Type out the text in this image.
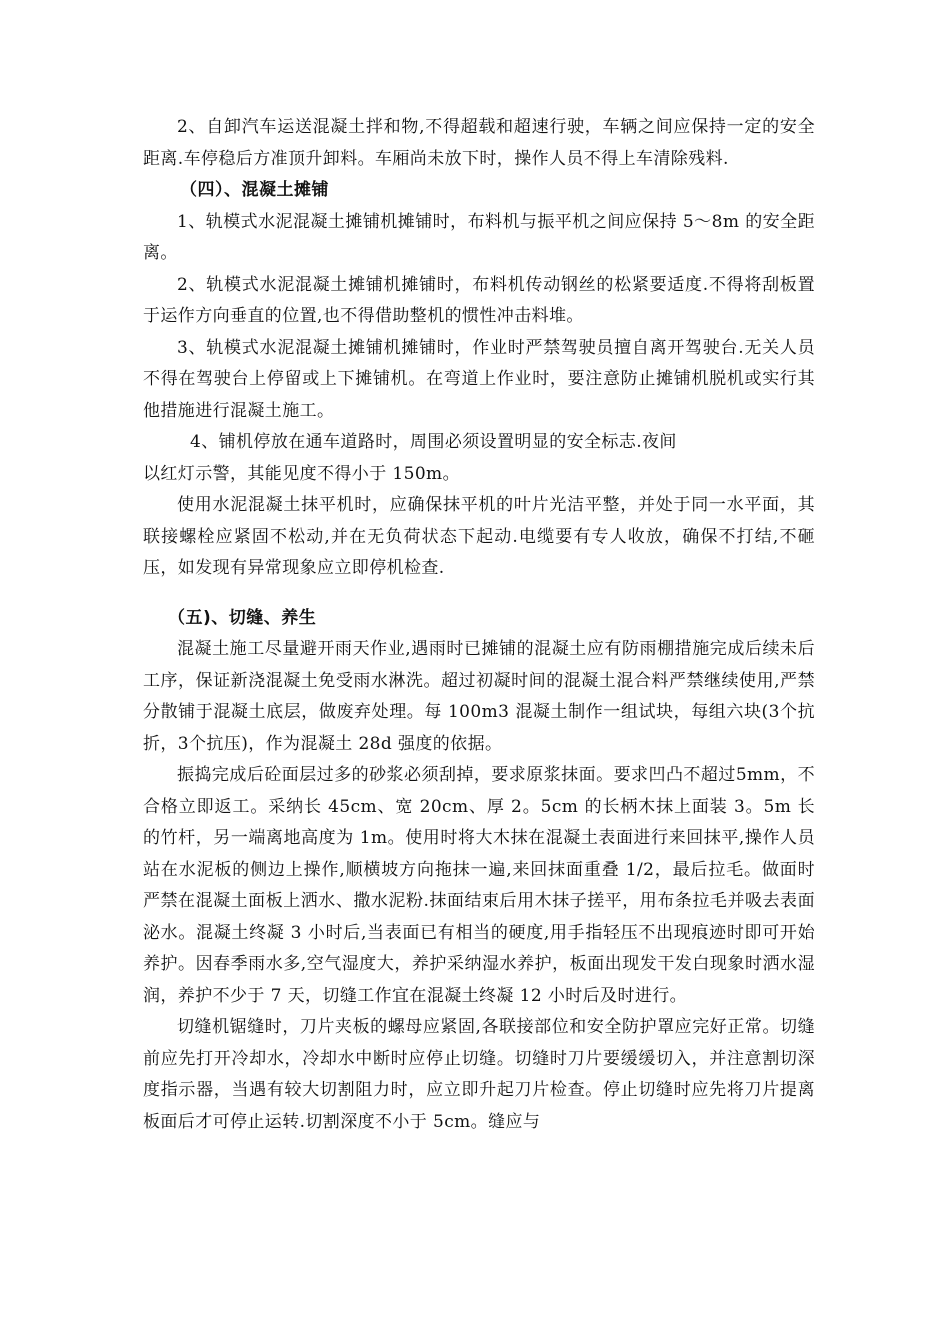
2、自卸汽车运送混凝土拌和物,不得超载和超速行驶，车辆之间应保持一定的安全距离.车停稳后方准顶升卸料。车厢尚未放下时，操作人员不得上车清除残料.

（四）、混凝土摊铺

1、轨模式水泥混凝土摊铺机摊铺时，布料机与振平机之间应保持 5～8m 的安全距离。

2、轨模式水泥混凝土摊铺机摊铺时，布料机传动钢丝的松紧要适度.不得将刮板置于运作方向垂直的位置,也不得借助整机的惯性冲击料堆。

3、轨模式水泥混凝土摊铺机摊铺时，作业时严禁驾驶员擅自离开驾驶台.无关人员不得在驾驶台上停留或上下摊铺机。在弯道上作业时，要注意防止摊铺机脱机或实行其他措施进行混凝土施工。

4、铺机停放在通车道路时，周围必须设置明显的安全标志.夜间

以红灯示警，其能见度不得小于 150m。

使用水泥混凝土抹平机时，应确保抹平机的叶片光洁平整，并处于同一水平面，其联接螺栓应紧固不松动,并在无负荷状态下起动.电缆要有专人收放，确保不打结,不砸压，如发现有异常现象应立即停机检查.

（五)、切缝、养生

混凝土施工尽量避开雨天作业,遇雨时已摊铺的混凝土应有防雨棚措施完成后续未后工序，保证新浇混凝土免受雨水淋洗。超过初凝时间的混凝土混合料严禁继续使用,严禁分散铺于混凝土底层，做废弃处理。每 100m3 混凝土制作一组试块，每组六块(3个抗折，3个抗压)，作为混凝土 28d 强度的依据。

振捣完成后砼面层过多的砂浆必须刮掉，要求原浆抹面。要求凹凸不超过5mm，不合格立即返工。采纳长 45cm、宽 20cm、厚 2。5cm 的长柄木抹上面装 3。5m 长的竹杆，另一端离地高度为 1m。使用时将大木抹在混凝土表面进行来回抹平,操作人员站在水泥板的侧边上操作,顺横坡方向拖抹一遍,来回抹面重叠 1/2，最后拉毛。做面时严禁在混凝土面板上洒水、撒水泥粉.抹面结束后用木抹子搓平，用布条拉毛并吸去表面泌水。混凝土终凝 3 小时后,当表面已有相当的硬度,用手指轻压不出现痕迹时即可开始养护。因春季雨水多,空气湿度大，养护采纳湿水养护，板面出现发干发白现象时洒水湿润，养护不少于 7 天，切缝工作宜在混凝土终凝 12 小时后及时进行。

切缝机锯缝时，刀片夹板的螺母应紧固,各联接部位和安全防护罩应完好正常。切缝前应先打开冷却水，冷却水中断时应停止切缝。切缝时刀片要缓缓切入，并注意割切深度指示器，当遇有较大切割阻力时，应立即升起刀片检查。停止切缝时应先将刀片提离板面后才可停止运转.切割深度不小于 5cm。缝应与
